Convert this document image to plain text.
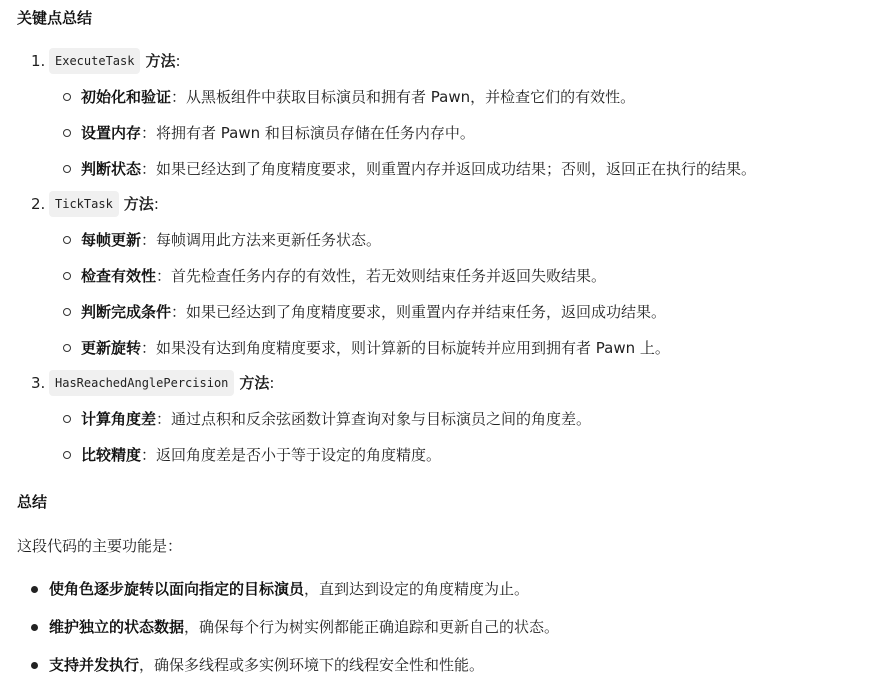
关键点总结
1. ExecuteTask 方法 :
初始化和验证：从黑板组件中获取目标演员和拥有者 Pawn，并检查它们的有效性。
设置内存：将拥有者 Pawn 和目标演员存储在任务内存中。
判断状态：如果已经达到了角度精度要求，则重置内存并返回成功结果；否则，返回正在执行的结果。
2. TickTask 方法 :
每帧更新：每帧调用此方法来更新任务状态。
检查有效性：首先检查任务内存的有效性，若无效则结束任务并返回失败结果。
判断完成条件：如果已经达到了角度精度要求，则重置内存并结束任务，返回成功结果。
更新旋转：如果没有达到角度精度要求，则计算新的目标旋转并应用到拥有者 Pawn 上。
3. HasReachedAnglePercision 方法 :
计算角度差：通过点积和反余弦函数计算查询对象与目标演员之间的角度差。
比较精度：返回角度差是否小于等于设定的角度精度。
总结
这段代码的主要功能是：
使角色逐步旋转以面向指定的目标演员，直到达到设定的角度精度为止。
维护独立的状态数据，确保每个行为树实例都能正确追踪和更新自己的状态。
支持并发执行，确保多线程或多实例环境下的线程安全性和性能。
